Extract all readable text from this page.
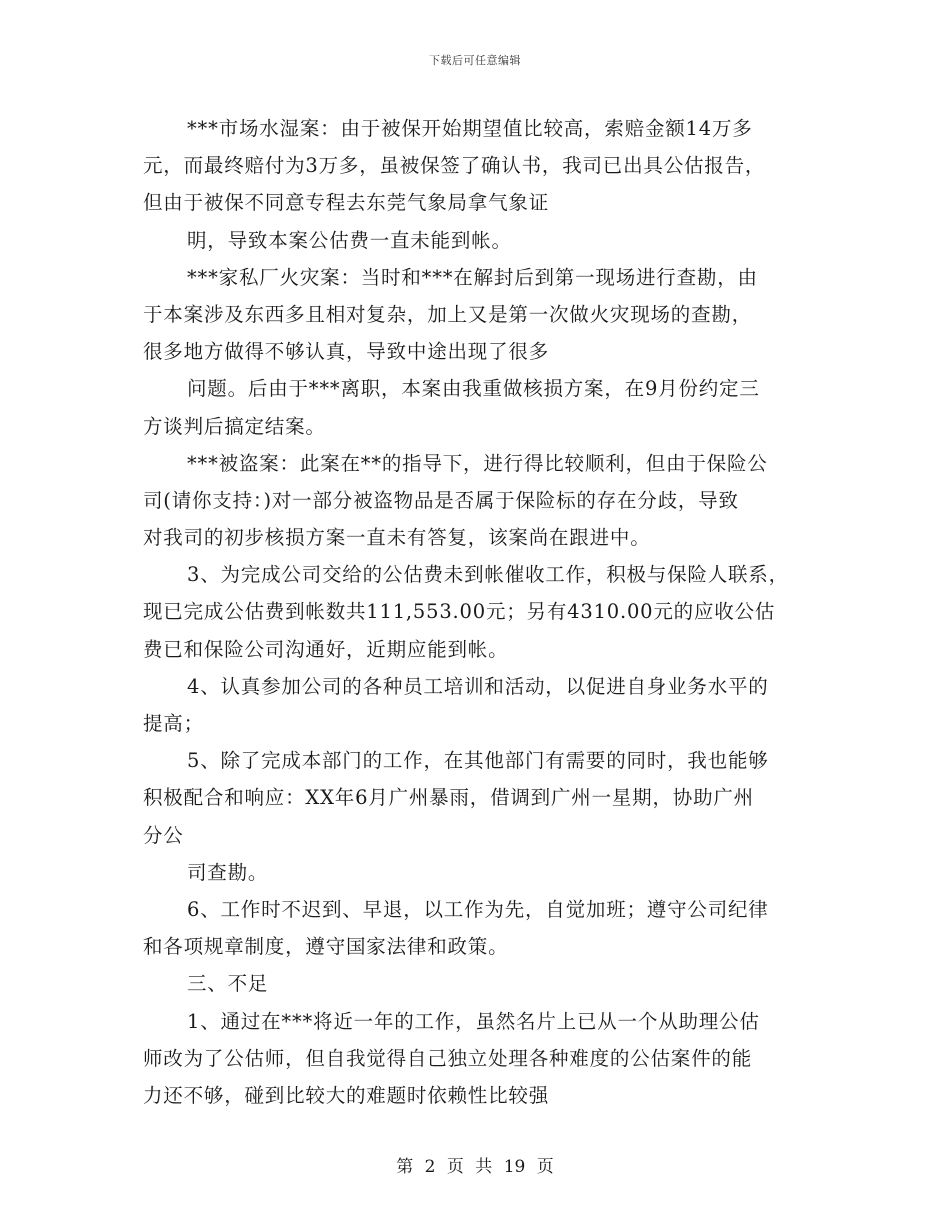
下载后可任意编辑
***市场水湿案：由于被保开始期望值比较高，索赔金额14万多
元，而最终赔付为3万多，虽被保签了确认书，我司已出具公估报告，
但由于被保不同意专程去东莞气象局拿气象证
明，导致本案公估费一直未能到帐。
***家私厂火灾案：当时和***在解封后到第一现场进行查勘，由
于本案涉及东西多且相对复杂，加上又是第一次做火灾现场的查勘，
很多地方做得不够认真，导致中途出现了很多
问题。后由于***离职，本案由我重做核损方案，在9月份约定三
方谈判后搞定结案。
***被盗案：此案在**的指导下，进行得比较顺利，但由于保险公
司(请你支持：)对一部分被盗物品是否属于保险标的存在分歧，导致
对我司的初步核损方案一直未有答复，该案尚在跟进中。
3、为完成公司交给的公估费未到帐催收工作，积极与保险人联系，
现已完成公估费到帐数共111,553.00元；另有4310.00元的应收公估
费已和保险公司沟通好，近期应能到帐。
4、认真参加公司的各种员工培训和活动，以促进自身业务水平的
提高；
5、除了完成本部门的工作，在其他部门有需要的同时，我也能够
积极配合和响应：XX年6月广州暴雨，借调到广州一星期，协助广州
分公
司查勘。
6、工作时不迟到、早退，以工作为先，自觉加班；遵守公司纪律
和各项规章制度，遵守国家法律和政策。
三、不足
1、通过在***将近一年的工作，虽然名片上已从一个从助理公估
师改为了公估师，但自我觉得自己独立处理各种难度的公估案件的能
力还不够，碰到比较大的难题时依赖性比较强
第 2 页 共 19 页
